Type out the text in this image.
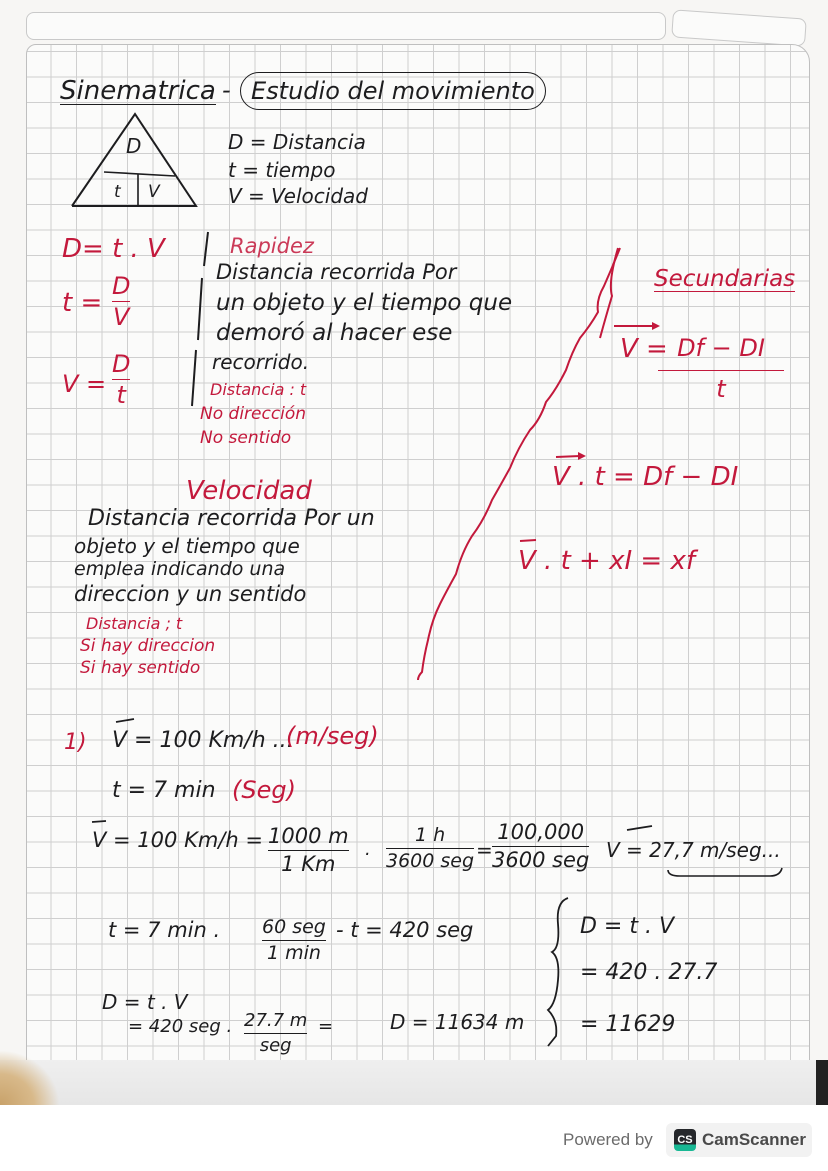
Sinematrica - Estudio del movimiento
D
t V
D = Distancia
t = tiempo
V = Velocidad
D= t . V
t =
D
V
V =
D
t
Rapidez
Distancia recorrida Por
un objeto y el tiempo que
demoró al hacer ese
recorrido.
Distancia : t
No dirección
No sentido
Secundarias
V = Df − DI
t
V . t = Df − DI
V . t + xI = xf
Velocidad
Distancia recorrida Por un
objeto y el tiempo que
emplea indicando una
direccion y un sentido
Distancia ; t
Si hay direccion
Si hay sentido
1) V = 100 Km/h ...
(m/seg)
t = 7 min (Seg)
V = 100 Km/h = 1000 m
1 Km ·
1 h
3600 seg =
100,000
3600 seg V = 27,7 m/seg...
t = 7 min . 60 seg
1 min
- t = 420 seg
D = t . V
= 420 seg . 27.7 m
seg
=	D = 11634 m
D = t . V
= 420 . 27.7
= 11629
Powered by	CS CamScanner
